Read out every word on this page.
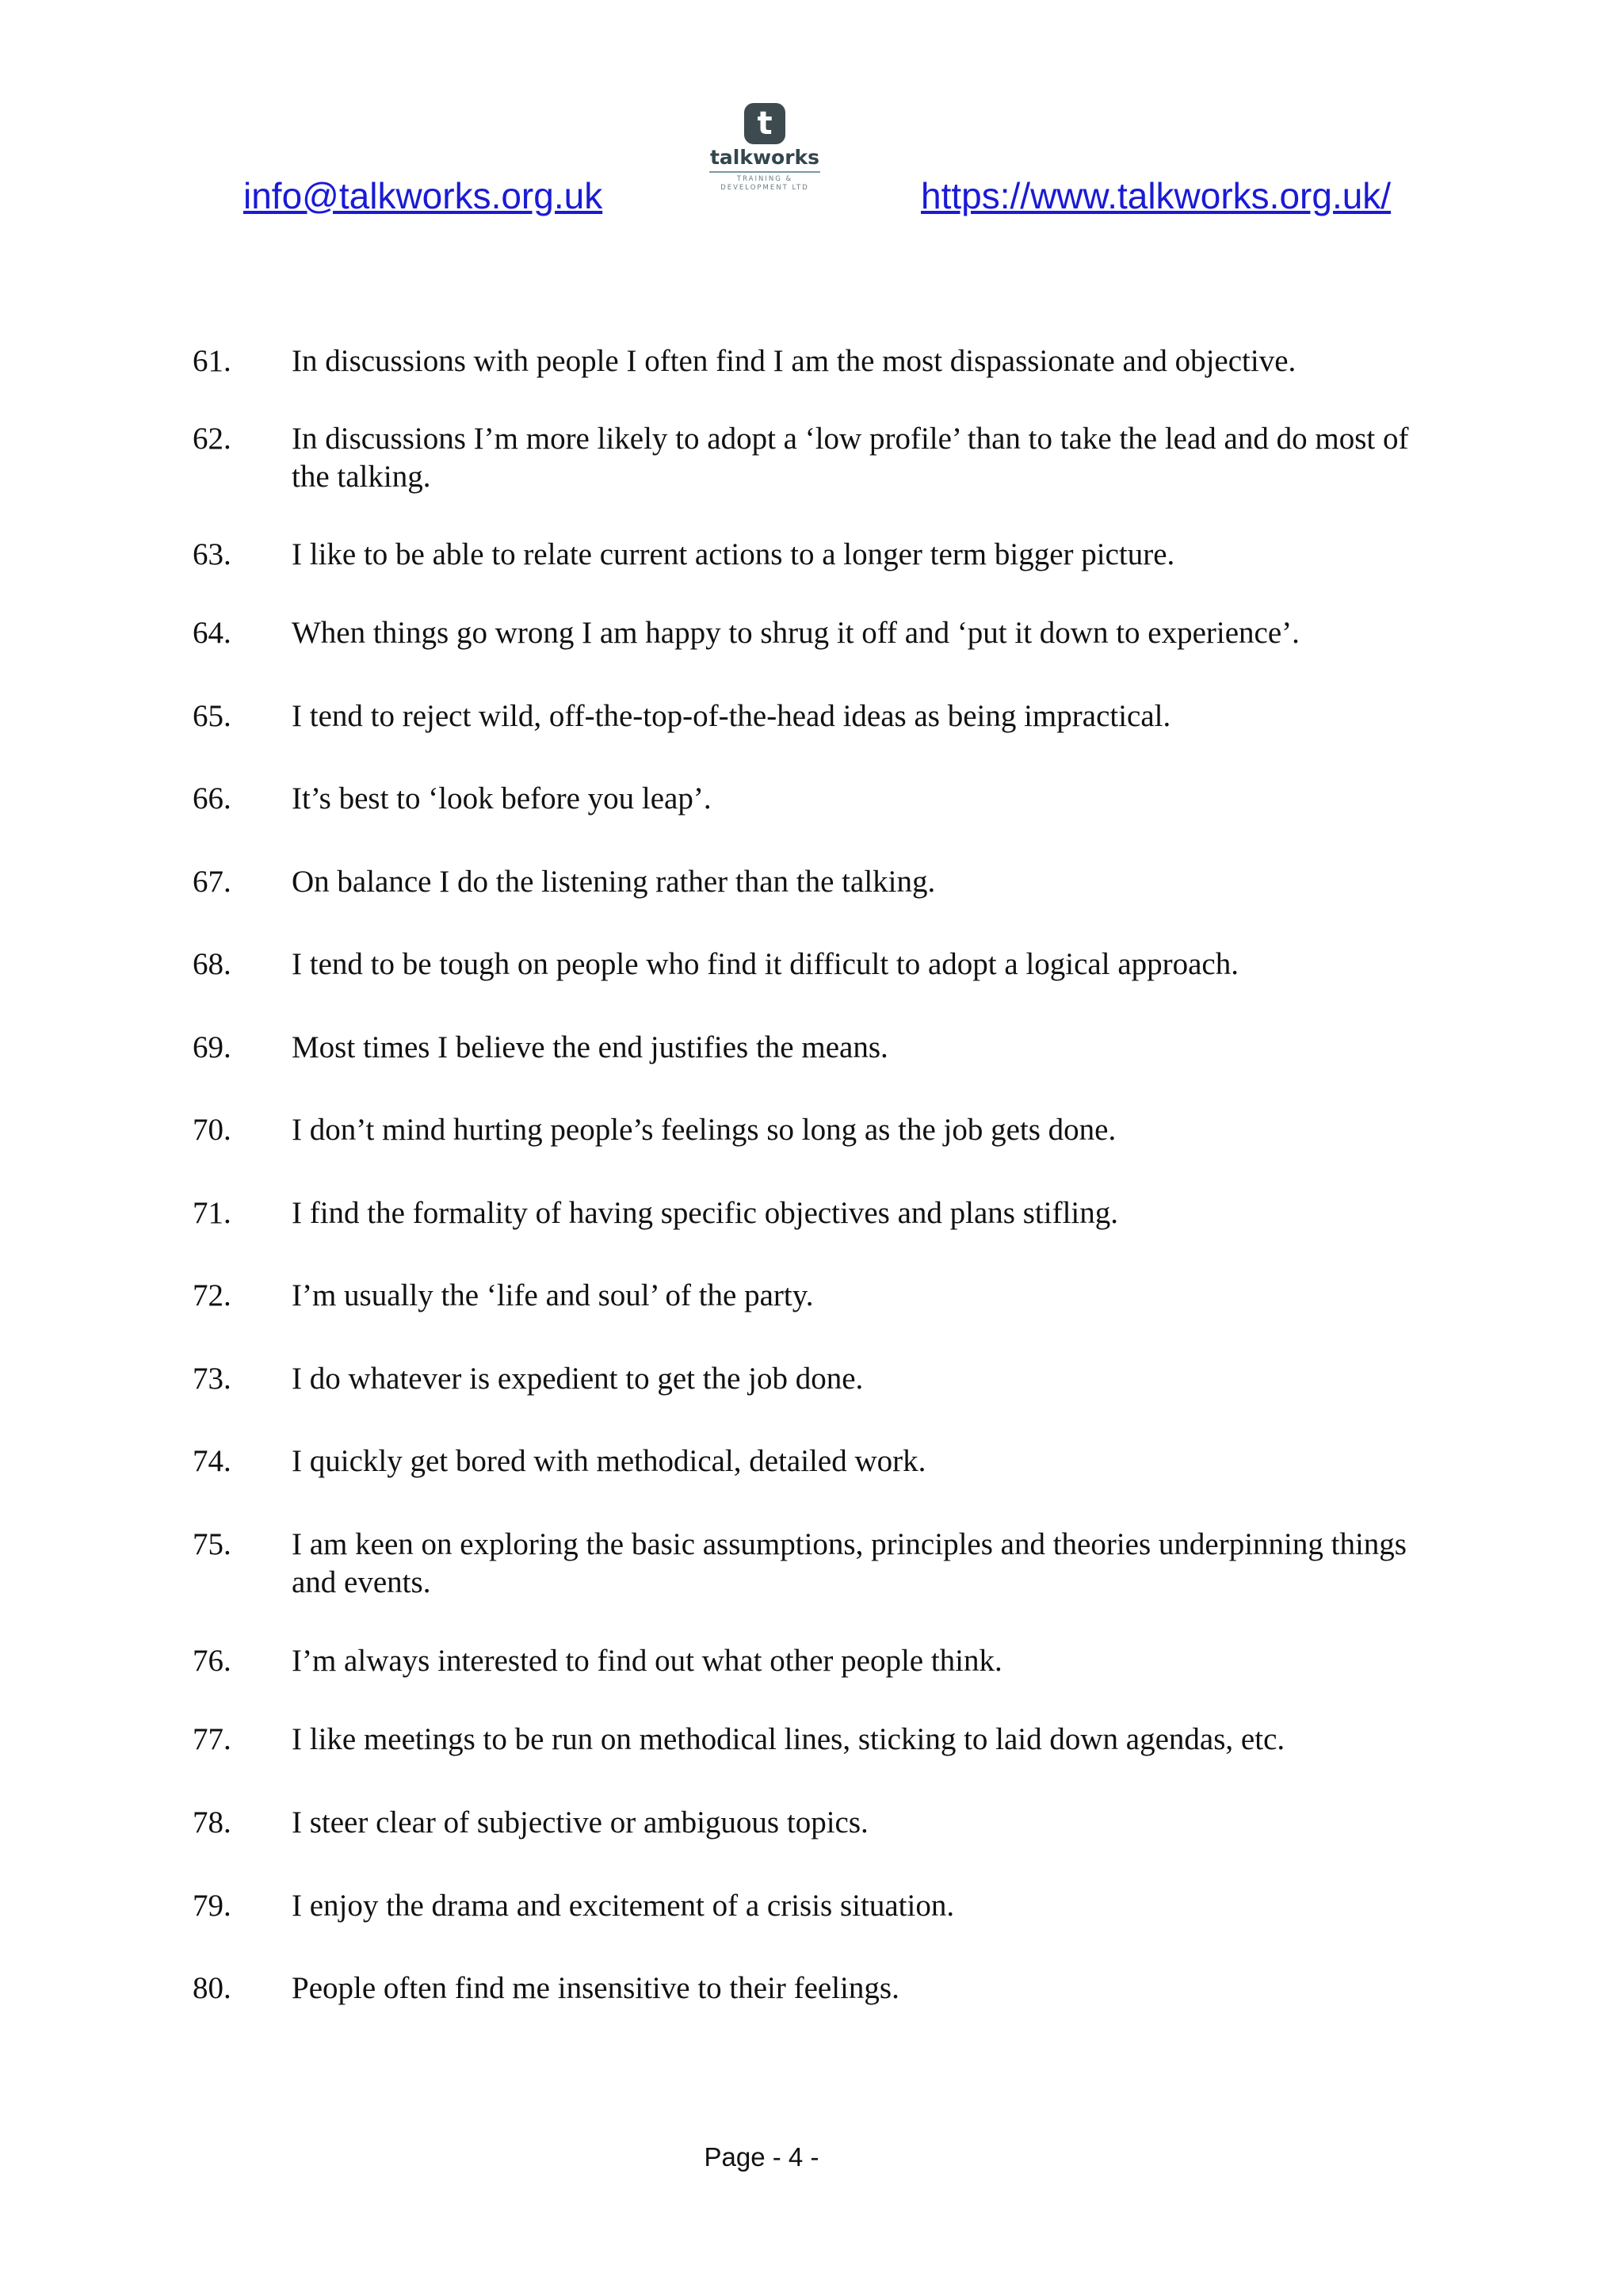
info@talkworks.org.uk
t
talkworks
TRAINING &
DEVELOPMENT LTD	https://www.talkworks.org.uk/
61. In discussions with people I often find I am the most dispassionate and objective.
62. In discussions I’m more likely to adopt a ‘low profile’ than to take the lead and do most of the talking.
63. I like to be able to relate current actions to a longer term bigger picture.
64. When things go wrong I am happy to shrug it off and ‘put it down to experience’.
65. I tend to reject wild, off-the-top-of-the-head ideas as being impractical.
66. It’s best to ‘look before you leap’.
67. On balance I do the listening rather than the talking.
68. I tend to be tough on people who find it difficult to adopt a logical approach.
69. Most times I believe the end justifies the means.
70. I don’t mind hurting people’s feelings so long as the job gets done.
71. I find the formality of having specific objectives and plans stifling.
72. I’m usually the ‘life and soul’ of the party.
73. I do whatever is expedient to get the job done.
74. I quickly get bored with methodical, detailed work.
75. I am keen on exploring the basic assumptions, principles and theories underpinning things and events.
76. I’m always interested to find out what other people think.
77. I like meetings to be run on methodical lines, sticking to laid down agendas, etc.
78. I steer clear of subjective or ambiguous topics.
79. I enjoy the drama and excitement of a crisis situation.
80. People often find me insensitive to their feelings.
Page - 4 -
